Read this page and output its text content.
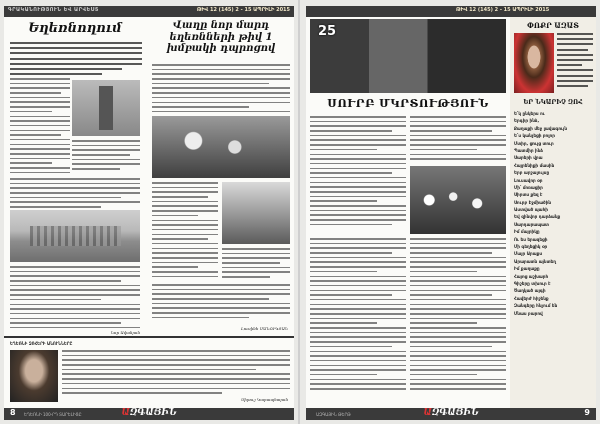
ԳՐԱԿԱՆՈՒԹՅՈՒՆ ԵՎ ԱՐՎԵՍՏ	ԹԻՎ 12 (145) 2 - 15 ԱՊՐԻԼԻ 2015
Եղեռնողում	Վաղը նոր մարդ եղեռնների թիվ 1 խմբակի դպրոցով
Լուսինե ՄԱՆՈՒԿՅԱՆ
Նոր Ավանյան
ԵՂԵՌՆԻ ԶՈՀԵՐԻ ԱՆՈՒՆՆԵՐԸ
Սիրուշ Կարապետյան
8 ԵՂԵՌՆԻ 100-ՐԴ ՏԱՐԵԼԻՑԸ	ԱԶԳԱՅԻՆ
ԹԻՎ 12 (145) 2 - 15 ԱՊՐԻԼԻ 2015
25
ՍՈՒՐԲ ՄԿՐՏՈՒԹՅՈՒՆ
ՓՈՔՐ ԱԶԱՏ
ԵՐ ՆԿԱՐԻՉ ԶՈՀ
Ե՛կ ընկերս ու
Երգիր ինձ,
Քաղաքի մեջ լավագույն
Ե՛ս կանչեցի բոլոր
Մտիր, ցույց տուր
Պատմիր ինձ
Սարերի վրա
Հայրենիքի մասին
Երբ արշալույսը
Լուսավոր օր
Մի՛ մոռացիր
Սիրտս քեզ է
Սուրբ Էջմիածին
Աստված պահի
Եվ զինվոր դարձանք
Սարդարապատ
Իմ մայրիկը
Ու ես երազեցի
Մի գեղեցիկ օր
Մայր Արաքս
Արարատն այնտեղ
Իմ քաղաքը
Հայոց աշխարհ
Գիշերը տխուր է
Ծաղկած այգի
Հավերժ հիշենք
Զանգերը հնչում են
Մնաս բարով
ԱԶԳԱՅԻՆ ԹԵՐԹ	ԱԶԳԱՅԻՆ	9
